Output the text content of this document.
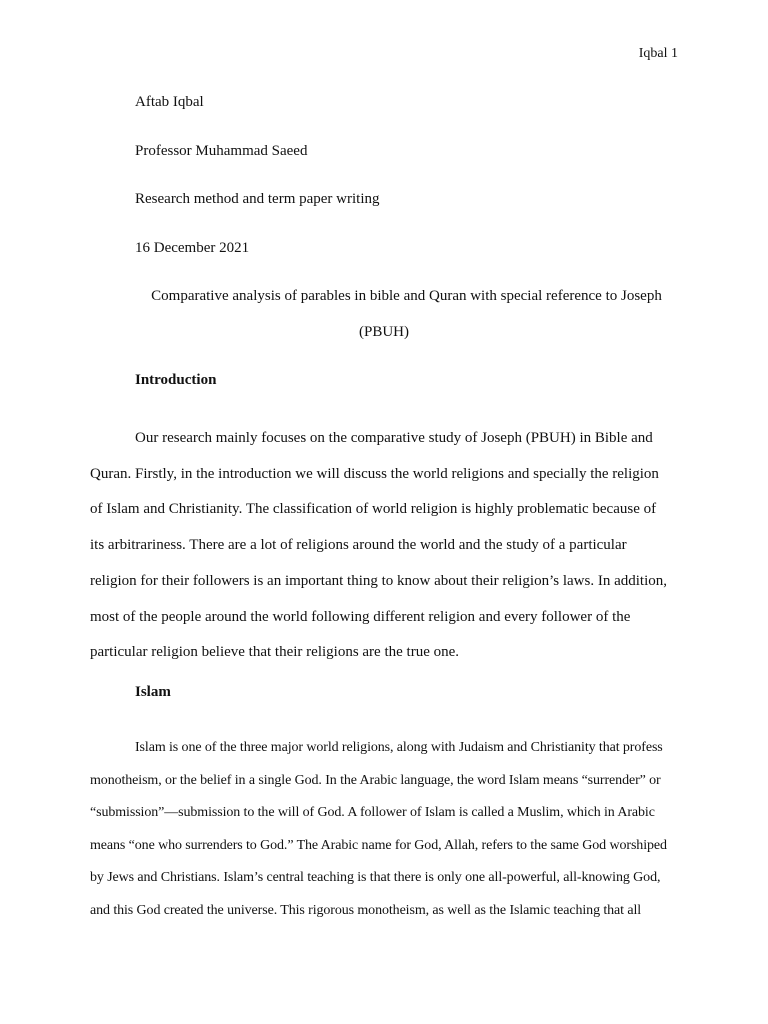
Iqbal 1
Aftab Iqbal
Professor Muhammad Saeed
Research method and term paper writing
16 December 2021
Comparative analysis of parables in bible and Quran with special reference to Joseph
(PBUH)
Introduction

Our research mainly focuses on the comparative study of Joseph (PBUH) in Bible and
Quran. Firstly, in the introduction we will discuss the world religions and specially the religion
of Islam and Christianity. The classification of world religion is highly problematic because of
its arbitrariness. There are a lot of religions around the world and the study of a particular
religion for their followers is an important thing to know about their religion’s laws. In addition,
most of the people around the world following different religion and every follower of the
particular religion believe that their religions are the true one.

Islam

Islam is one of the three major world religions, along with Judaism and Christianity that profess
monotheism, or the belief in a single God. In the Arabic language, the word Islam means “surrender” or
“submission”—submission to the will of God. A follower of Islam is called a Muslim, which in Arabic
means “one who surrenders to God.” The Arabic name for God, Allah, refers to the same God worshiped
by Jews and Christians. Islam’s central teaching is that there is only one all-powerful, all-knowing God,
and this God created the universe. This rigorous monotheism, as well as the Islamic teaching that all
